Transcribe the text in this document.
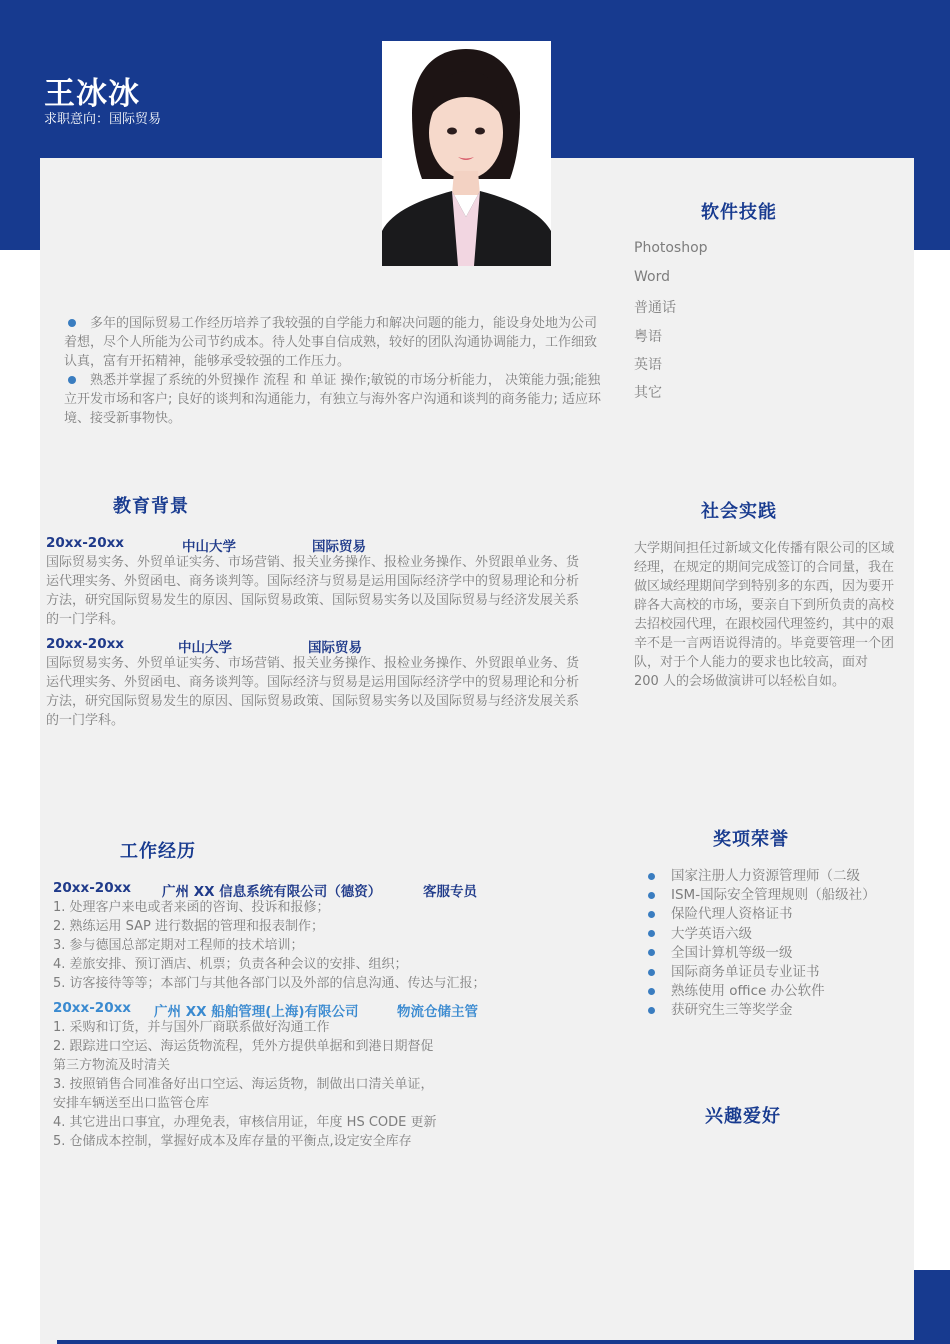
王冰冰
求职意向：国际贸易
多年的国际贸易工作经历培养了我较强的自学能力和解决问题的能力，能设身处地为公司着想，尽个人所能为公司节约成本。待人处事自信成熟，较好的团队沟通协调能力，工作细致认真，富有开拓精神，能够承受较强的工作压力。
熟悉并掌握了系统的外贸操作 流程 和 单证 操作;敏锐的市场分析能力， 决策能力强;能独立开发市场和客户; 良好的谈判和沟通能力，有独立与海外客户沟通和谈判的商务能力; 适应环境、接受新事物快。
软件技能
Photoshop
Word
普通话
粤语
英语
其它
教育背景
20xx-20xx	中山大学	国际贸易
国际贸易实务、外贸单证实务、市场营销、报关业务操作、报检业务操作、外贸跟单业务、货运代理实务、外贸函电、商务谈判等。国际经济与贸易是运用国际经济学中的贸易理论和分析方法，研究国际贸易发生的原因、国际贸易政策、国际贸易实务以及国际贸易与经济发展关系的一门学科。
20xx-20xx	中山大学	国际贸易
国际贸易实务、外贸单证实务、市场营销、报关业务操作、报检业务操作、外贸跟单业务、货运代理实务、外贸函电、商务谈判等。国际经济与贸易是运用国际经济学中的贸易理论和分析方法，研究国际贸易发生的原因、国际贸易政策、国际贸易实务以及国际贸易与经济发展关系的一门学科。
社会实践
大学期间担任过新域文化传播有限公司的区域经理，在规定的期间完成签订的合同量，我在做区域经理期间学到特别多的东西，因为要开辟各大高校的市场，要亲自下到所负责的高校去招校园代理，在跟校园代理签约，其中的艰辛不是一言两语说得清的。毕竟要管理一个团队，对于个人能力的要求也比较高，面对 200 人的会场做演讲可以轻松自如。
工作经历
20xx-20xx 广州 XX 信息系统有限公司（德资）	客服专员
1. 处理客户来电或者来函的咨询、投诉和报修；
2. 熟练运用 SAP 进行数据的管理和报表制作；
3. 参与德国总部定期对工程师的技术培训；
4. 差旅安排、预订酒店、机票；负责各种会议的安排、组织；
5. 访客接待等等；本部门与其他各部门以及外部的信息沟通、传达与汇报；
20xx-20xx 广州 XX 船舶管理(上海)有限公司	物流仓储主管
1. 采购和订货，并与国外厂商联系做好沟通工作
2. 跟踪进口空运、海运货物流程，凭外方提供单据和到港日期督促
第三方物流及时清关
3. 按照销售合同准备好出口空运、海运货物，制做出口清关单证，
安排车辆送至出口监管仓库
4. 其它进出口事宜，办理免表，审核信用证，年度 HS CODE 更新
5. 仓储成本控制，掌握好成本及库存量的平衡点,设定安全库存
奖项荣誉
国家注册人力资源管理师（二级
ISM-国际安全管理规则（船级社）
保险代理人资格证书
大学英语六级
全国计算机等级一级
国际商务单证员专业证书
熟练使用 office 办公软件
获研究生三等奖学金
兴趣爱好
